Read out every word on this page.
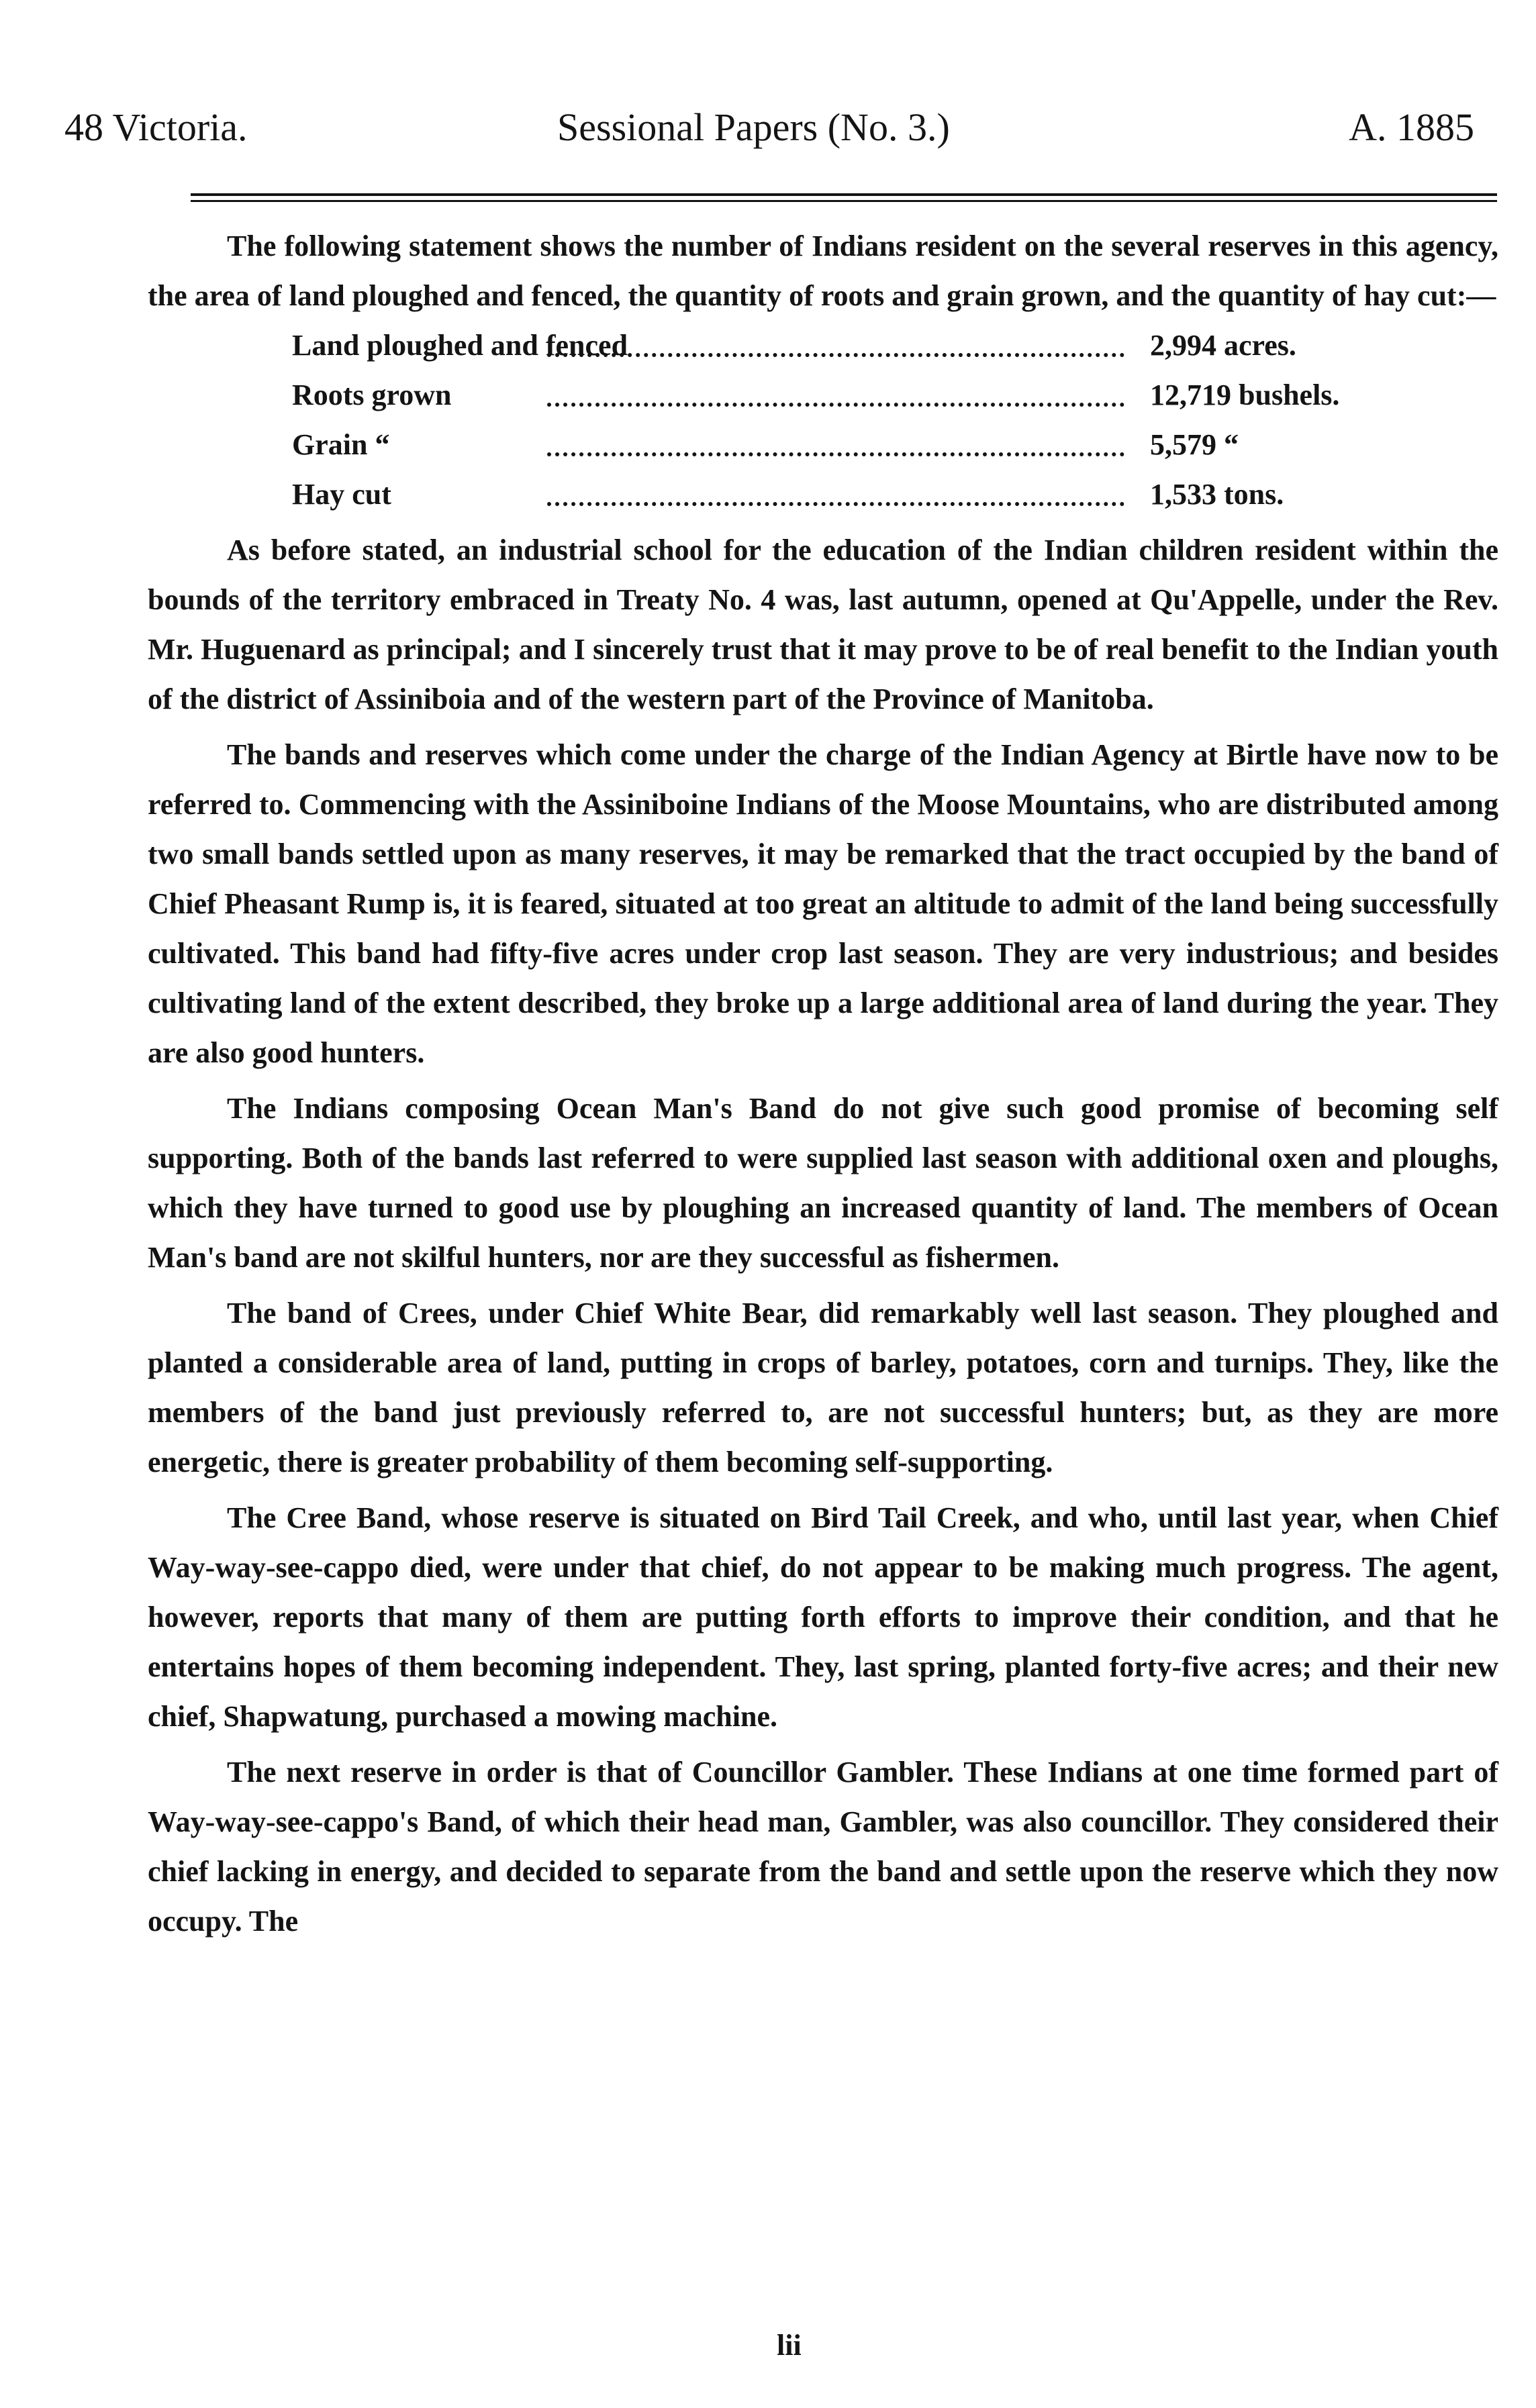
48 Victoria.	Sessional Papers (No. 3.)	A. 1885

The following statement shows the number of Indians resident on the several reserves in this agency, the area of land ploughed and fenced, the quantity of roots and grain grown, and the quantity of hay cut:—

Land ploughed and fenced	2,994 acres.
Roots grown	12,719 bushels.
Grain “	5,579 “
Hay cut	1,533 tons.

As before stated, an industrial school for the education of the Indian children resident within the bounds of the territory embraced in Treaty No. 4 was, last autumn, opened at Qu'Appelle, under the Rev. Mr. Huguenard as principal; and I sincerely trust that it may prove to be of real benefit to the Indian youth of the district of Assiniboia and of the western part of the Province of Manitoba.

The bands and reserves which come under the charge of the Indian Agency at Birtle have now to be referred to. Commencing with the Assiniboine Indians of the Moose Mountains, who are distributed among two small bands settled upon as many reserves, it may be remarked that the tract occupied by the band of Chief Pheasant Rump is, it is feared, situated at too great an altitude to admit of the land being successfully cultivated. This band had fifty-five acres under crop last season. They are very industrious; and besides cultivating land of the extent described, they broke up a large additional area of land during the year. They are also good hunters.

The Indians composing Ocean Man's Band do not give such good promise of becoming self supporting. Both of the bands last referred to were supplied last season with additional oxen and ploughs, which they have turned to good use by ploughing an increased quantity of land. The members of Ocean Man's band are not skilful hunters, nor are they successful as fishermen.

The band of Crees, under Chief White Bear, did remarkably well last season. They ploughed and planted a considerable area of land, putting in crops of barley, potatoes, corn and turnips. They, like the members of the band just previously referred to, are not successful hunters; but, as they are more energetic, there is greater probability of them becoming self-supporting.

The Cree Band, whose reserve is situated on Bird Tail Creek, and who, until last year, when Chief Way-way-see-cappo died, were under that chief, do not appear to be making much progress. The agent, however, reports that many of them are putting forth efforts to improve their condition, and that he entertains hopes of them becoming independent. They, last spring, planted forty-five acres; and their new chief, Shapwatung, purchased a mowing machine.

The next reserve in order is that of Councillor Gambler. These Indians at one time formed part of Way-way-see-cappo's Band, of which their head man, Gambler, was also councillor. They considered their chief lacking in energy, and decided to separate from the band and settle upon the reserve which they now occupy. The

lii
